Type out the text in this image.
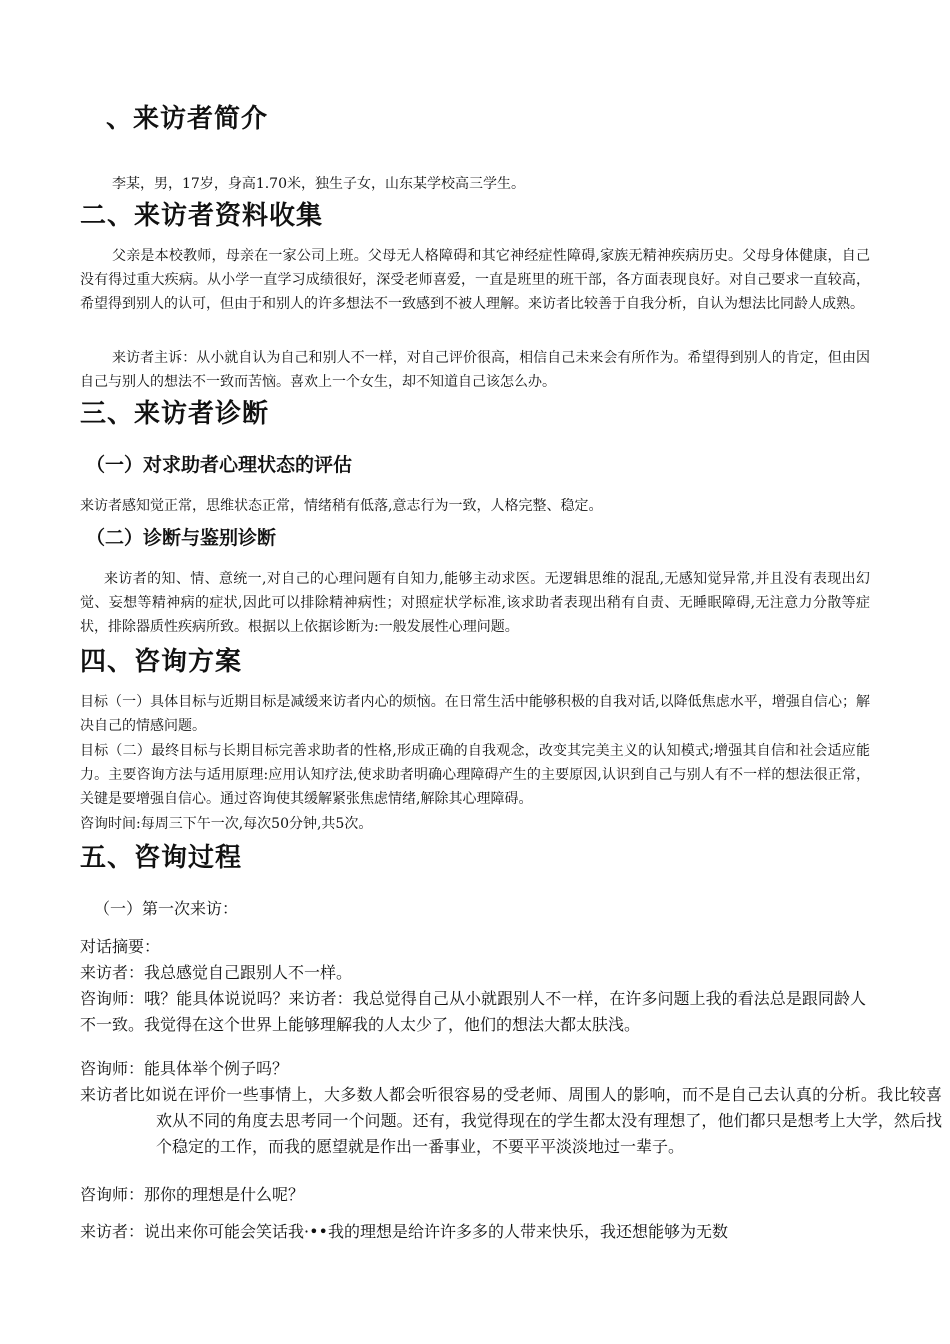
、来访者简介

李某，男，17岁，身高1.70米，独生子女，山东某学校高三学生。

二、来访者资料收集

父亲是本校教师，母亲在一家公司上班。父母无人格障碍和其它神经症性障碍,家族无精神疾病历史。父母身体健康，自己没有得过重大疾病。从小学一直学习成绩很好，深受老师喜爱，一直是班里的班干部，各方面表现良好。对自己要求一直较高，希望得到别人的认可，但由于和别人的许多想法不一致感到不被人理解。来访者比较善于自我分析，自认为想法比同龄人成熟。

来访者主诉：从小就自认为自己和别人不一样，对自己评价很高，相信自己未来会有所作为。希望得到别人的肯定，但由因自己与别人的想法不一致而苦恼。喜欢上一个女生，却不知道自己该怎么办。

三、来访者诊断
（一）对求助者心理状态的评估

来访者感知觉正常，思维状态正常，情绪稍有低落,意志行为一致，人格完整、稳定。

（二）诊断与鉴别诊断

来访者的知、情、意统一,对自己的心理问题有自知力,能够主动求医。无逻辑思维的混乱,无感知觉异常,并且没有表现出幻觉、妄想等精神病的症状,因此可以排除精神病性；对照症状学标准,该求助者表现出稍有自责、无睡眠障碍,无注意力分散等症状，排除器质性疾病所致。根据以上依据诊断为:一般发展性心理问题。

四、咨询方案

目标（一）具体目标与近期目标是减缓来访者内心的烦恼。在日常生活中能够积极的自我对话,以降低焦虑水平，增强自信心；解决自己的情感问题。

目标（二）最终目标与长期目标完善求助者的性格,形成正确的自我观念，改变其完美主义的认知模式;增强其自信和社会适应能力。主要咨询方法与适用原理:应用认知疗法,使求助者明确心理障碍产生的主要原因,认识到自己与别人有不一样的想法很正常，关键是要增强自信心。通过咨询使其缓解紧张焦虑情绪,解除其心理障碍。

咨询时间:每周三下午一次,每次50分钟,共5次。

五、咨询过程

（一）第一次来访：

对话摘要：

来访者：我总感觉自己跟别人不一样。

咨询师：哦？能具体说说吗？来访者：我总觉得自己从小就跟别人不一样，在许多问题上我的看法总是跟同龄人不一致。我觉得在这个世界上能够理解我的人太少了，他们的想法大都太肤浅。

咨询师：能具体举个例子吗？

来访者比如说在评价一些事情上，大多数人都会听很容易的受老师、周围人的影响，而不是自己去认真的分析。我比较喜欢从不同的角度去思考同一个问题。还有，我觉得现在的学生都太没有理想了，他们都只是想考上大学，然后找个稳定的工作，而我的愿望就是作出一番事业，不要平平淡淡地过一辈子。

咨询师：那你的理想是什么呢？

来访者：说出来你可能会笑话我·••我的理想是给许许多多的人带来快乐，我还想能够为无数
